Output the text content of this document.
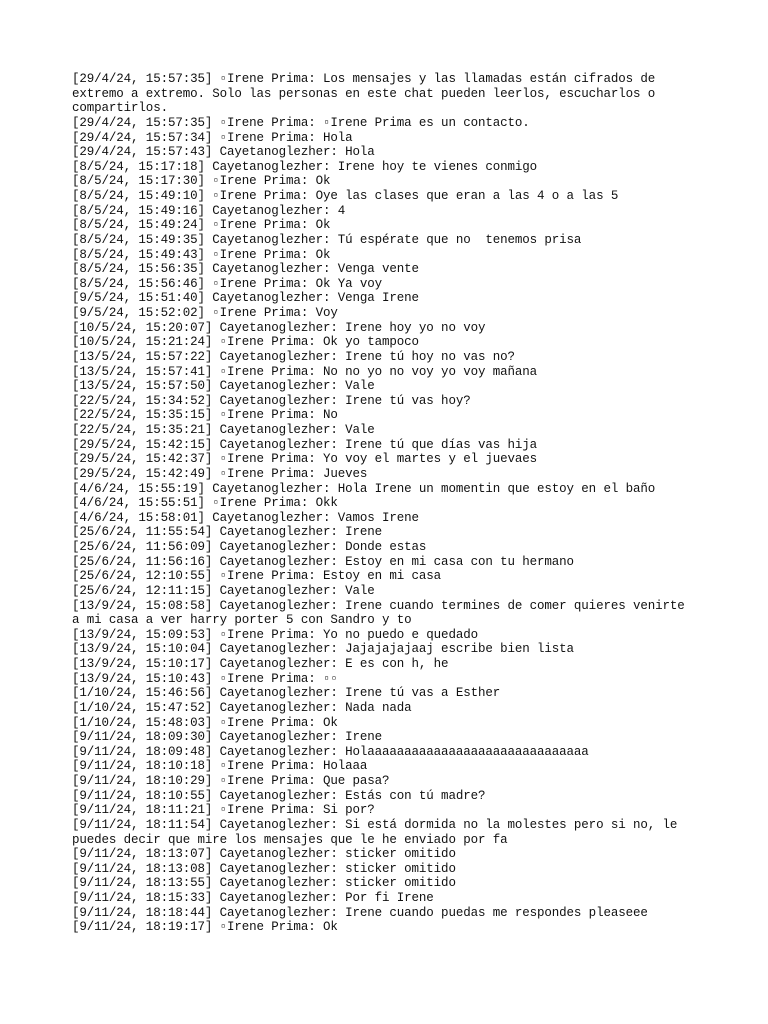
[29/4/24, 15:57:35] ▫Irene Prima: Los mensajes y las llamadas están cifrados de extremo a extremo. Solo las personas en este chat pueden leerlos, escucharlos o compartirlos.

[29/4/24, 15:57:35] ▫Irene Prima: ▫Irene Prima es un contacto.

[29/4/24, 15:57:34] ▫Irene Prima: Hola

[29/4/24, 15:57:43] Cayetanoglezher: Hola

[8/5/24, 15:17:18] Cayetanoglezher: Irene hoy te vienes conmigo

[8/5/24, 15:17:30] ▫Irene Prima: Ok

[8/5/24, 15:49:10] ▫Irene Prima: Oye las clases que eran a las 4 o a las 5

[8/5/24, 15:49:16] Cayetanoglezher: 4

[8/5/24, 15:49:24] ▫Irene Prima: Ok

[8/5/24, 15:49:35] Cayetanoglezher: Tú espérate que no  tenemos prisa

[8/5/24, 15:49:43] ▫Irene Prima: Ok

[8/5/24, 15:56:35] Cayetanoglezher: Venga vente

[8/5/24, 15:56:46] ▫Irene Prima: Ok Ya voy

[9/5/24, 15:51:40] Cayetanoglezher: Venga Irene

[9/5/24, 15:52:02] ▫Irene Prima: Voy

[10/5/24, 15:20:07] Cayetanoglezher: Irene hoy yo no voy

[10/5/24, 15:21:24] ▫Irene Prima: Ok yo tampoco

[13/5/24, 15:57:22] Cayetanoglezher: Irene tú hoy no vas no?

[13/5/24, 15:57:41] ▫Irene Prima: No no yo no voy yo voy mañana

[13/5/24, 15:57:50] Cayetanoglezher: Vale

[22/5/24, 15:34:52] Cayetanoglezher: Irene tú vas hoy?

[22/5/24, 15:35:15] ▫Irene Prima: No

[22/5/24, 15:35:21] Cayetanoglezher: Vale

[29/5/24, 15:42:15] Cayetanoglezher: Irene tú que días vas hija

[29/5/24, 15:42:37] ▫Irene Prima: Yo voy el martes y el juevaes

[29/5/24, 15:42:49] ▫Irene Prima: Jueves

[4/6/24, 15:55:19] Cayetanoglezher: Hola Irene un momentin que estoy en el baño

[4/6/24, 15:55:51] ▫Irene Prima: Okk

[4/6/24, 15:58:01] Cayetanoglezher: Vamos Irene

[25/6/24, 11:55:54] Cayetanoglezher: Irene

[25/6/24, 11:56:09] Cayetanoglezher: Donde estas

[25/6/24, 11:56:16] Cayetanoglezher: Estoy en mi casa con tu hermano

[25/6/24, 12:10:55] ▫Irene Prima: Estoy en mi casa

[25/6/24, 12:11:15] Cayetanoglezher: Vale

[13/9/24, 15:08:58] Cayetanoglezher: Irene cuando termines de comer quieres venirte a mi casa a ver harry porter 5 con Sandro y to

[13/9/24, 15:09:53] ▫Irene Prima: Yo no puedo e quedado

[13/9/24, 15:10:04] Cayetanoglezher: Jajajajajaaj escribe bien lista

[13/9/24, 15:10:17] Cayetanoglezher: E es con h, he

[13/9/24, 15:10:43] ▫Irene Prima: ▫▫

[1/10/24, 15:46:56] Cayetanoglezher: Irene tú vas a Esther

[1/10/24, 15:47:52] Cayetanoglezher: Nada nada

[1/10/24, 15:48:03] ▫Irene Prima: Ok

[9/11/24, 18:09:30] Cayetanoglezher: Irene

[9/11/24, 18:09:48] Cayetanoglezher: Holaaaaaaaaaaaaaaaaaaaaaaaaaaaaaa

[9/11/24, 18:10:18] ▫Irene Prima: Holaaa

[9/11/24, 18:10:29] ▫Irene Prima: Que pasa?

[9/11/24, 18:10:55] Cayetanoglezher: Estás con tú madre?

[9/11/24, 18:11:21] ▫Irene Prima: Si por?

[9/11/24, 18:11:54] Cayetanoglezher: Si está dormida no la molestes pero si no, le puedes decir que mire los mensajes que le he enviado por fa

[9/11/24, 18:13:07] Cayetanoglezher: sticker omitido

[9/11/24, 18:13:08] Cayetanoglezher: sticker omitido

[9/11/24, 18:13:55] Cayetanoglezher: sticker omitido

[9/11/24, 18:15:33] Cayetanoglezher: Por fi Irene

[9/11/24, 18:18:44] Cayetanoglezher: Irene cuando puedas me respondes pleaseee

[9/11/24, 18:19:17] ▫Irene Prima: Ok
